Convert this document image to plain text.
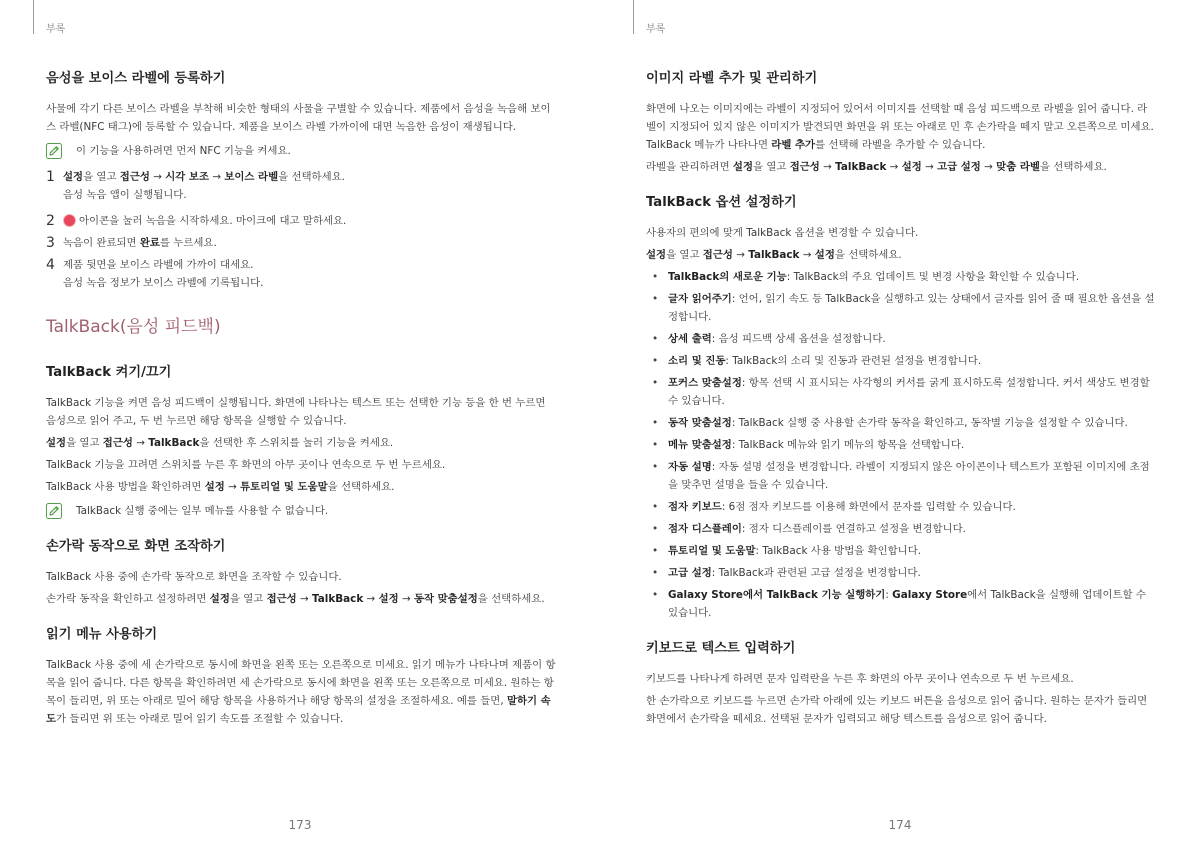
부록
음성을 보이스 라벨에 등록하기

사물에 각기 다른 보이스 라벨을 부착해 비슷한 형태의 사물을 구별할 수 있습니다. 제품에서 음성을 녹음해 보이스 라벨(NFC 태그)에 등록할 수 있습니다. 제품을 보이스 라벨 가까이에 대면 녹음한 음성이 재생됩니다.

이 기능을 사용하려면 먼저 NFC 기능을 켜세요.

1 설정을 열고 접근성 → 시각 보조 → 보이스 라벨을 선택하세요.

음성 녹음 앱이 실행됩니다.

2	아이콘을 눌러 녹음을 시작하세요. 마이크에 대고 말하세요.

3 녹음이 완료되면 완료를 누르세요.

4 제품 뒷면을 보이스 라벨에 가까이 대세요.

음성 녹음 정보가 보이스 라벨에 기록됩니다.

TalkBack(음성 피드백)
TalkBack 켜기/끄기

TalkBack 기능을 켜면 음성 피드백이 실행됩니다. 화면에 나타나는 텍스트 또는 선택한 기능 등을 한 번 누르면 음성으로 읽어 주고, 두 번 누르면 해당 항목을 실행할 수 있습니다.

설정을 열고 접근성 → TalkBack을 선택한 후 스위치를 눌러 기능을 켜세요.

TalkBack 기능을 끄려면 스위치를 누른 후 화면의 아무 곳이나 연속으로 두 번 누르세요.

TalkBack 사용 방법을 확인하려면 설정 → 튜토리얼 및 도움말을 선택하세요.

TalkBack 실행 중에는 일부 메뉴를 사용할 수 없습니다.

손가락 동작으로 화면 조작하기

TalkBack 사용 중에 손가락 동작으로 화면을 조작할 수 있습니다.

손가락 동작을 확인하고 설정하려면 설정을 열고 접근성 → TalkBack → 설정 → 동작 맞춤설정을 선택하세요.

읽기 메뉴 사용하기

TalkBack 사용 중에 세 손가락으로 동시에 화면을 왼쪽 또는 오른쪽으로 미세요. 읽기 메뉴가 나타나며 제품이 항목을 읽어 줍니다. 다른 항목을 확인하려면 세 손가락으로 동시에 화면을 왼쪽 또는 오른쪽으로 미세요. 원하는 항목이 들리면, 위 또는 아래로 밀어 해당 항목을 사용하거나 해당 항목의 설정을 조절하세요. 예를 들면, 말하기 속도가 들리면 위 또는 아래로 밀어 읽기 속도를 조절할 수 있습니다.

173
부록
이미지 라벨 추가 및 관리하기

화면에 나오는 이미지에는 라벨이 지정되어 있어서 이미지를 선택할 때 음성 피드백으로 라벨을 읽어 줍니다. 라벨이 지정되어 있지 않은 이미지가 발견되면 화면을 위 또는 아래로 민 후 손가락을 떼지 말고 오른쪽으로 미세요. TalkBack 메뉴가 나타나면 라벨 추가를 선택해 라벨을 추가할 수 있습니다.

라벨을 관리하려면 설정을 열고 접근성 → TalkBack → 설정 → 고급 설정 → 맞춤 라벨을 선택하세요.

TalkBack 옵션 설정하기

사용자의 편의에 맞게 TalkBack 옵션을 변경할 수 있습니다.

설정을 열고 접근성 → TalkBack → 설정을 선택하세요.

• TalkBack의 새로운 기능: TalkBack의 주요 업데이트 및 변경 사항을 확인할 수 있습니다.
• 글자 읽어주기: 언어, 읽기 속도 등 TalkBack을 실행하고 있는 상태에서 글자를 읽어 줄 때 필요한 옵션을 설정합니다.
• 상세 출력: 음성 피드백 상세 옵션을 설정합니다.
• 소리 및 진동: TalkBack의 소리 및 진동과 관련된 설정을 변경합니다.
• 포커스 맞춤설정: 항목 선택 시 표시되는 사각형의 커서를 굵게 표시하도록 설정합니다. 커서 색상도 변경할 수 있습니다.
• 동작 맞춤설정: TalkBack 실행 중 사용할 손가락 동작을 확인하고, 동작별 기능을 설정할 수 있습니다.
• 메뉴 맞춤설정: TalkBack 메뉴와 읽기 메뉴의 항목을 선택합니다.
• 자동 설명: 자동 설명 설정을 변경합니다. 라벨이 지정되지 않은 아이콘이나 텍스트가 포함된 이미지에 초점을 맞추면 설명을 들을 수 있습니다.
• 점자 키보드: 6점 점자 키보드를 이용해 화면에서 문자를 입력할 수 있습니다.
• 점자 디스플레이: 점자 디스플레이를 연결하고 설정을 변경합니다.
• 튜토리얼 및 도움말: TalkBack 사용 방법을 확인합니다.
• 고급 설정: TalkBack과 관련된 고급 설정을 변경합니다.
• Galaxy Store에서 TalkBack 기능 실행하기: Galaxy Store에서 TalkBack을 실행해 업데이트할 수 있습니다.
키보드로 텍스트 입력하기

키보드를 나타나게 하려면 문자 입력란을 누른 후 화면의 아무 곳이나 연속으로 두 번 누르세요.

한 손가락으로 키보드를 누르면 손가락 아래에 있는 키보드 버튼을 음성으로 읽어 줍니다. 원하는 문자가 들리면 화면에서 손가락을 떼세요. 선택된 문자가 입력되고 해당 텍스트를 음성으로 읽어 줍니다.

174
